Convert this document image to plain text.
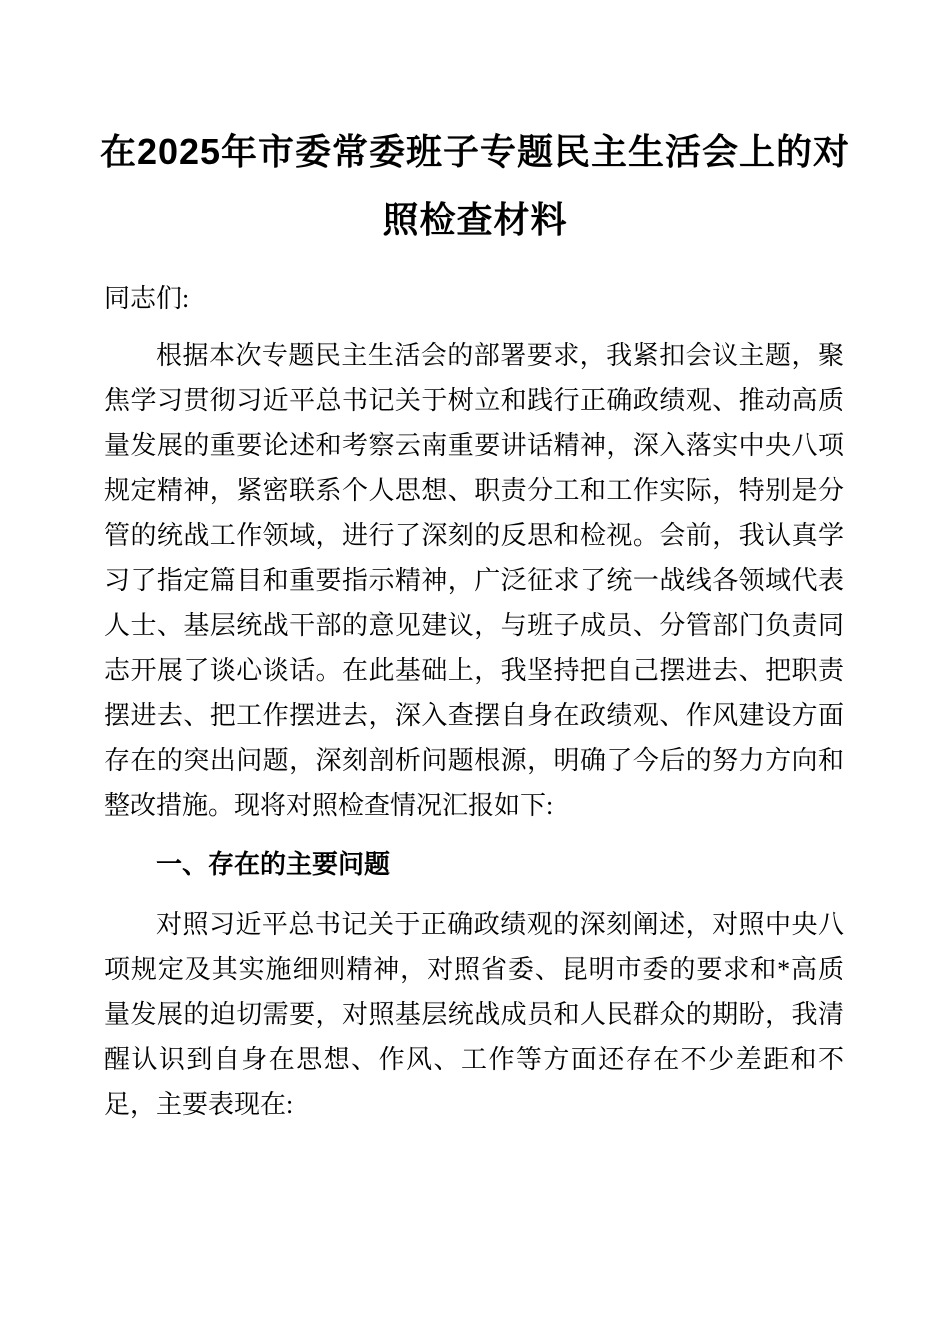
在2025年市委常委班子专题民主生活会上的对
照检查材料

同志们:

根据本次专题民主生活会的部署要求，我紧扣会议主题，聚焦学习贯彻习近平总书记关于树立和践行正确政绩观、推动高质量发展的重要论述和考察云南重要讲话精神，深入落实中央八项规定精神，紧密联系个人思想、职责分工和工作实际，特别是分管的统战工作领域，进行了深刻的反思和检视。会前，我认真学习了指定篇目和重要指示精神，广泛征求了统一战线各领域代表人士、基层统战干部的意见建议，与班子成员、分管部门负责同志开展了谈心谈话。在此基础上，我坚持把自己摆进去、把职责摆进去、把工作摆进去，深入查摆自身在政绩观、作风建设方面存在的突出问题，深刻剖析问题根源，明确了今后的努力方向和整改措施。现将对照检查情况汇报如下:

一、存在的主要问题

对照习近平总书记关于正确政绩观的深刻阐述，对照中央八项规定及其实施细则精神，对照省委、昆明市委的要求和*高质量发展的迫切需要，对照基层统战成员和人民群众的期盼，我清醒认识到自身在思想、作风、工作等方面还存在不少差距和不足，主要表现在:
